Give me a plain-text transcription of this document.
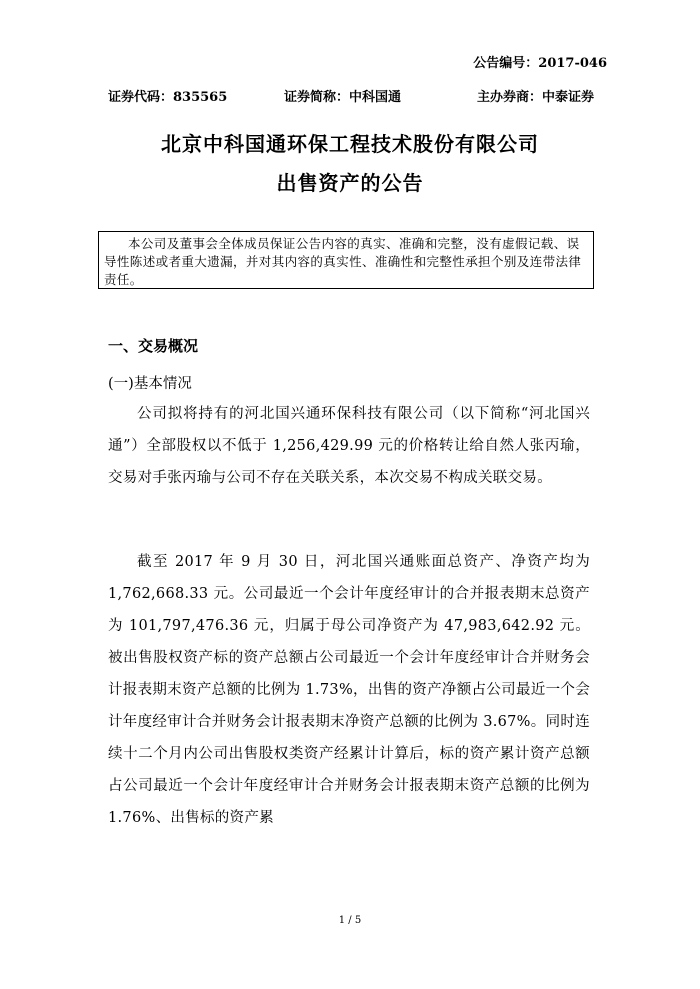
公告编号：2017-046
证券代码：835565	证券简称：中科国通	主办券商：中泰证券
北京中科国通环保工程技术股份有限公司
出售资产的公告
本公司及董事会全体成员保证公告内容的真实、准确和完整，没有虚假记载、误导性陈述或者重大遗漏，并对其内容的真实性、准确性和完整性承担个别及连带法律责任。
一、交易概况
(一)基本情况
公司拟将持有的河北国兴通环保科技有限公司（以下简称“河北国兴通”）全部股权以不低于 1,256,429.99 元的价格转让给自然人张丙瑜，交易对手张丙瑜与公司不存在关联关系，本次交易不构成关联交易。
截至 2017 年 9 月 30 日，河北国兴通账面总资产、净资产均为 1,762,668.33 元。公司最近一个会计年度经审计的合并报表期末总资产为 101,797,476.36 元，归属于母公司净资产为 47,983,642.92 元。被出售股权资产标的资产总额占公司最近一个会计年度经审计合并财务会计报表期末资产总额的比例为 1.73%，出售的资产净额占公司最近一个会计年度经审计合并财务会计报表期末净资产总额的比例为 3.67%。同时连续十二个月内公司出售股权类资产经累计计算后，标的资产累计资产总额占公司最近一个会计年度经审计合并财务会计报表期末资产总额的比例为 1.76%、出售标的资产累
1 / 5
